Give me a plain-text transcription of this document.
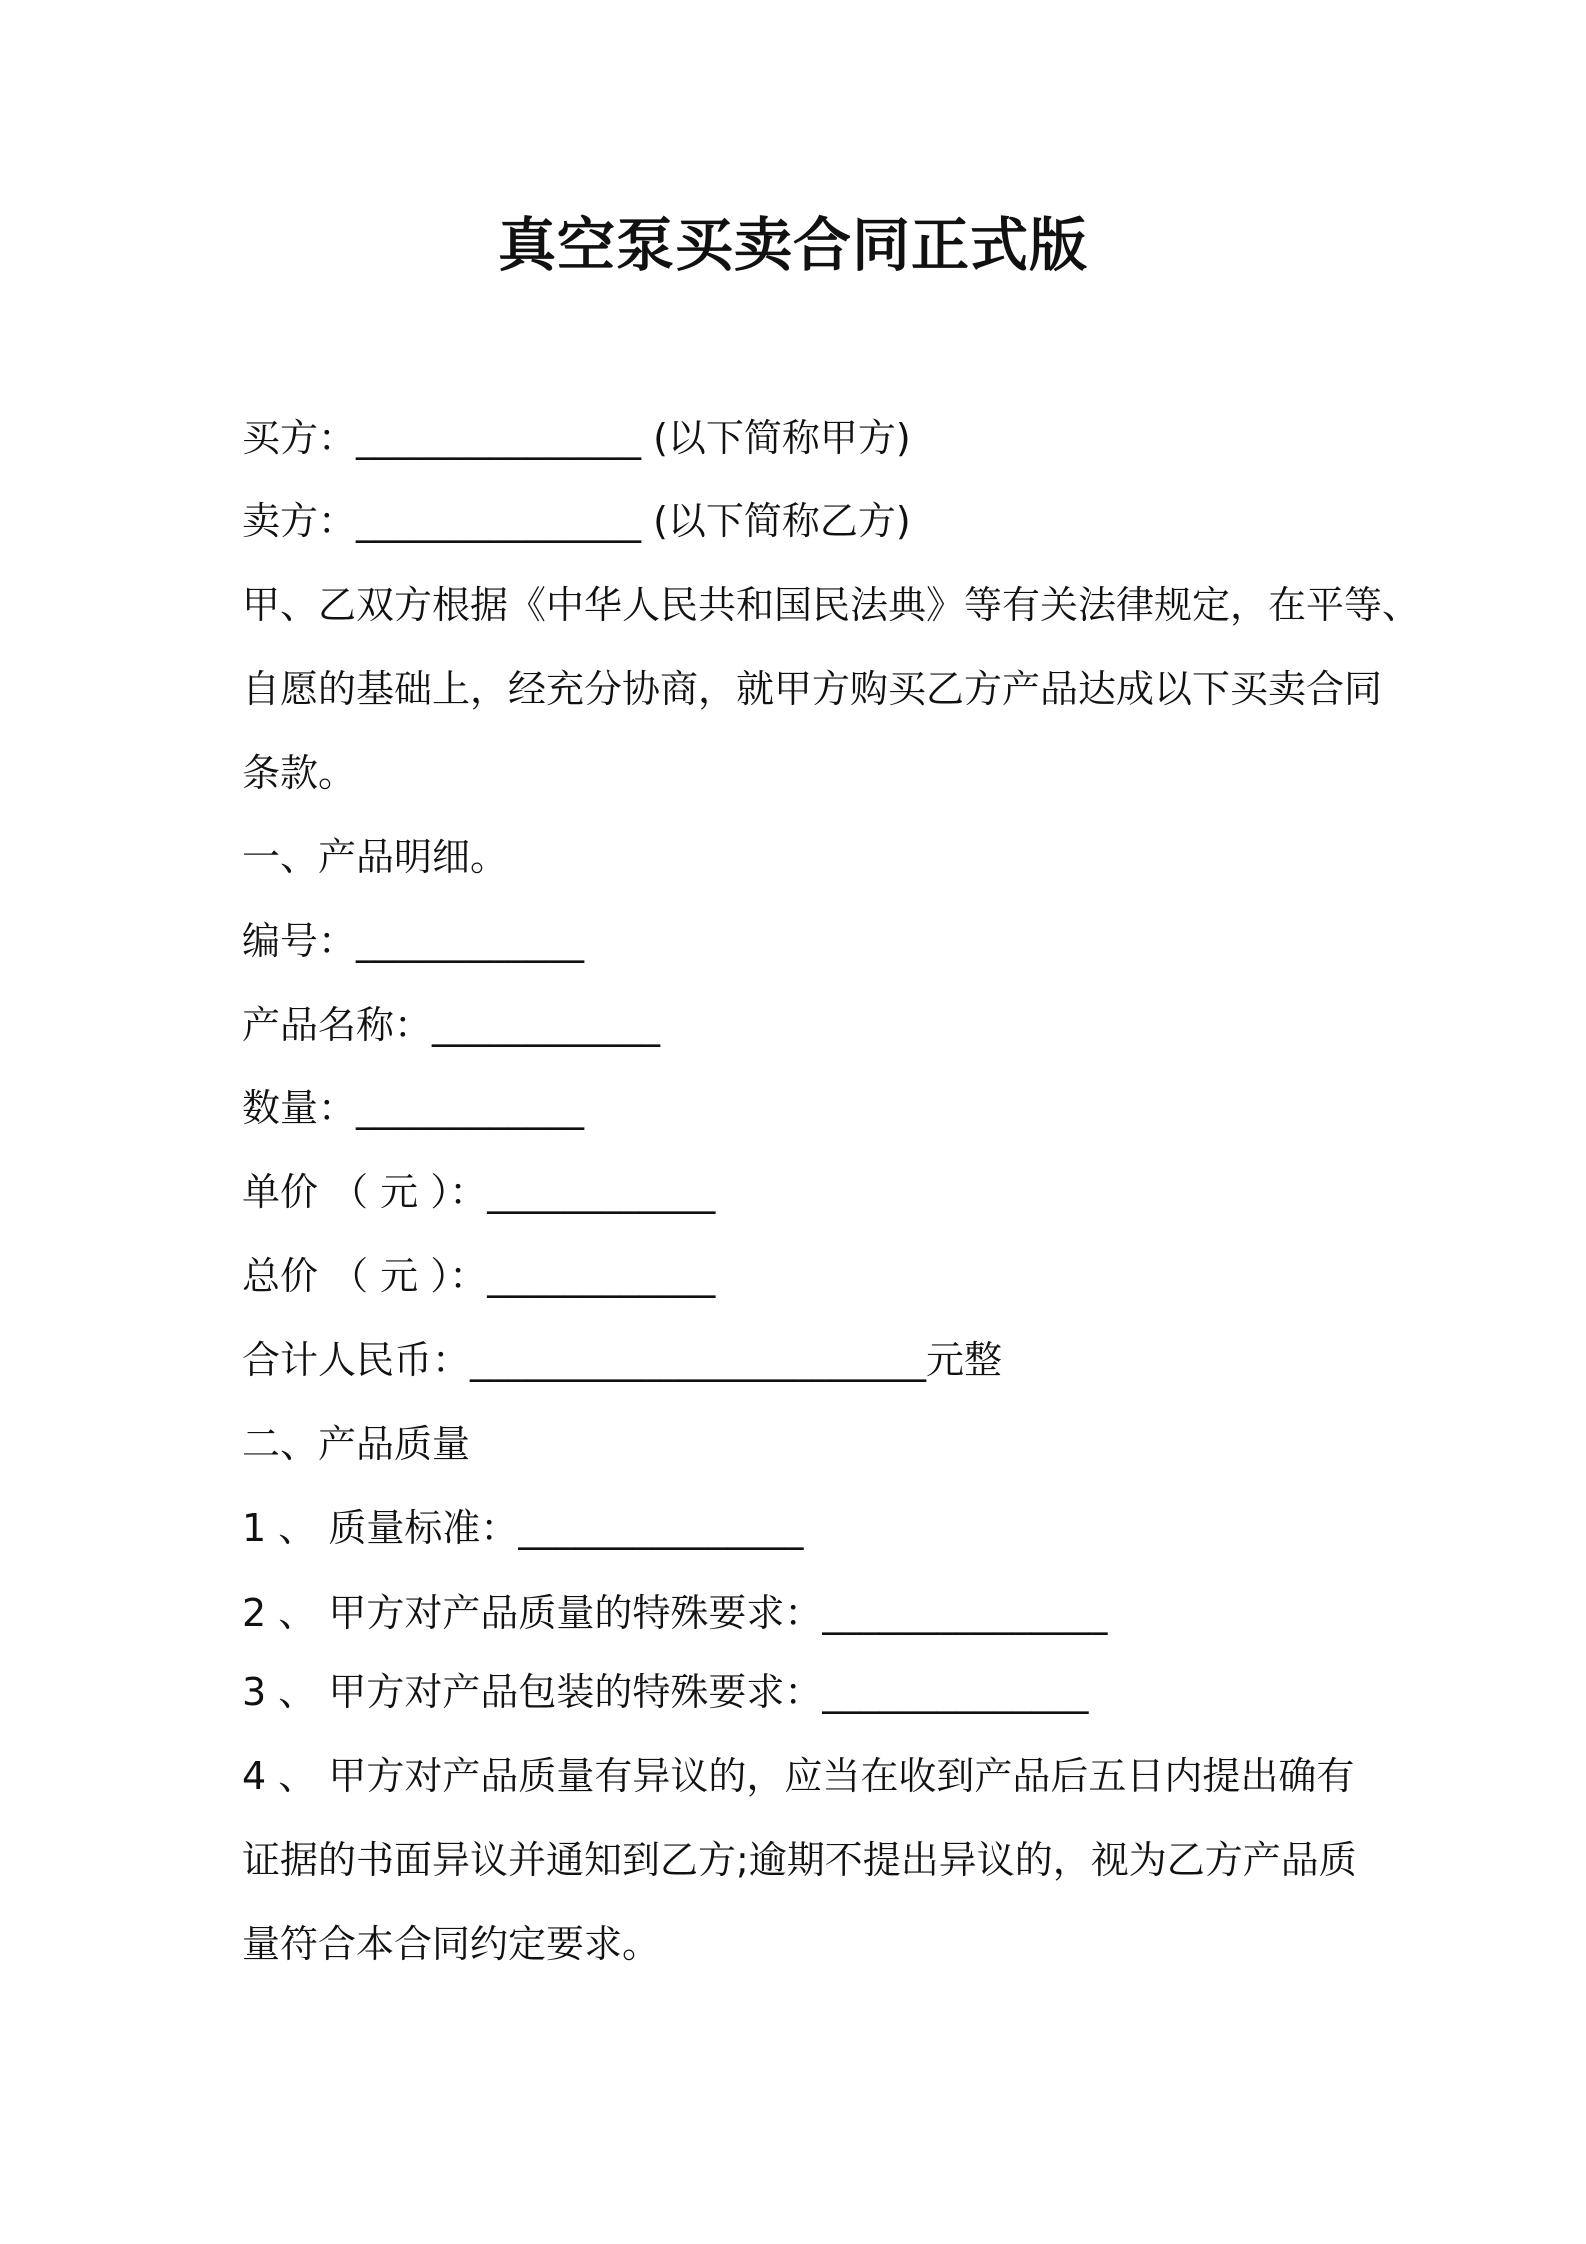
真空泵买卖合同正式版
买方：_______________ (以下简称甲方)
卖方：_______________ (以下简称乙方)
甲、乙双方根据《中华人民共和国民法典》等有关法律规定，在平等、
自愿的基础上，经充分协商，就甲方购买乙方产品达成以下买卖合同
条款。
一、产品明细。
编号：____________
产品名称：____________
数量：____________
单价 （ 元 ）：____________
总价 （ 元 ）：____________
合计人民币：________________________元整
二、产品质量
1 、 质量标准：_______________
2 、 甲方对产品质量的特殊要求：_______________
3 、 甲方对产品包装的特殊要求：______________
4 、 甲方对产品质量有异议的，应当在收到产品后五日内提出确有
证据的书面异议并通知到乙方;逾期不提出异议的，视为乙方产品质
量符合本合同约定要求。
